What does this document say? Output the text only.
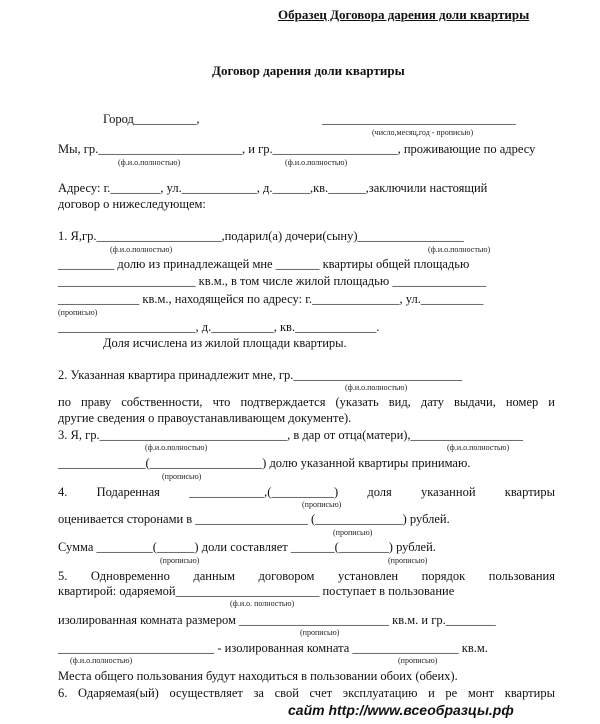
Образец Договора дарения доли квартиры
Договор дарения доли квартиры
Город__________,	_______________________________
(число,месяц,год - прописью)
Мы, гр._______________________, и гр.____________________, проживающие по адресу
(ф.и.о.полностью)	(ф.и.о.полностью)
Адресу: г.________, ул.____________, д.______,кв.______,заключили настоящий
договор о нижеследующем:
1. Я,гр.____________________,подарил(а) дочери(сыну)_________________
(ф.и.о.полностью)	(ф.и.о.полностью)
_________ долю из принадлежащей мне _______ квартиры общей площадью
______________________ кв.м., в том числе жилой площадью _______________
_____________ кв.м., находящейся по адресу: г.______________, ул.__________
(прописью)
______________________, д.__________, кв._____________.
Доля исчислена из жилой площади квартиры.
2. Указанная квартира принадлежит мне, гр.___________________________
(ф.и.о.полностью)
по праву собственности, что подтверждается (указать вид, дату выдачи, номер и
другие сведения о правоустанавливающем документе).
3. Я, гр.______________________________, в дар от отца(матери),__________________
(ф.и.о.полностью)	(ф.и.о.полностью)
______________(__________________) долю указанной квартиры принимаю.
(прописью)
4. Подаренная ____________,(__________) доля указанной квартиры
(прописью)
оценивается сторонами в __________________ (______________) рублей.
(прописью)
Сумма _________(______) доли составляет _______(________) рублей.
(прописью)	(прописью)
5. Одновременно данным договором установлен порядок пользования
квартирой: одаряемой_______________________ поступает в пользование
(ф.и.о. полностью)
изолированная комната размером ________________________ кв.м. и гр.________
(прописью)
_________________________ - изолированная комната _________________ кв.м.
(ф.и.о.полностью)	(прописью)
Места общего пользования будут находиться в пользовании обоих (обеих).
6. Одаряемая(ый) осуществляет за свой счет эксплуатацию и ре монт квартиры
сайт http://www.всеобразцы.рф
